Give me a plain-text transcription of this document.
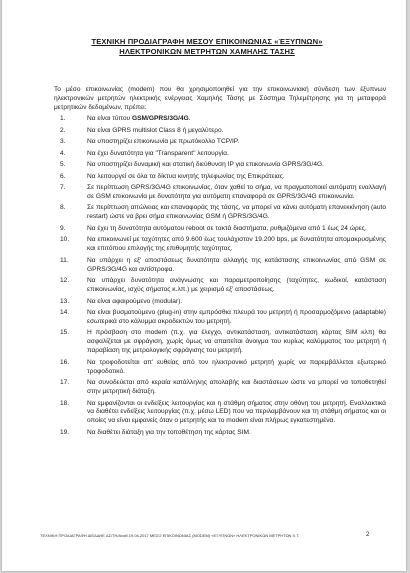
ΤΕΧΝΙΚΗ ΠΡΟΔΙΑΓΡΑΦΗ ΜΕΣΟΥ ΕΠΙΚΟΙΝΩΝΙΑΣ «ΈΞΥΠΝΩΝ»
ΗΛΕΚΤΡΟΝΙΚΩΝ ΜΕΤΡΗΤΩΝ ΧΑΜΗΛΗΣ ΤΑΣΗΣ
Το μέσο επικοινωνίας (modem) που θα χρησιμοποιηθεί για την επικοινωνιακή σύνδεση των έξυπνων ηλεκτρονικών μετρητών ηλεκτρικής ενέργειας Χαμηλής Τάσης με Σύστημα Τηλεμέτρησης για τη μεταφορά μετρητικών δεδομένων, πρέπει:
1.	Να είναι τύπου GSM/GPRS/3G/4G.
2.	Να είναι GPRS multislot Class 8 ή μεγαλύτερο.
3.	Να υποστηρίζει επικοινωνία με πρωτόκολλο TCP/IP.
4.	Να έχει δυνατότητα για "Transparent" λειτουργία.
5.	Να υποστηρίζει δυναμική και στατική διεύθυνση IP για επικοινωνία GPRS/3G/4G.
6.	Να λειτουργεί σε όλα τα δίκτυα κινητής τηλεφωνίας της Επικράτειας.
7.	Σε περίπτωση GPRS/3G/4G επικοινωνίας, όταν χαθεί το σήμα, να πραγματοποιεί αυτόματη εναλλαγή σε GSM επικοινωνία με δυνατότητα για αυτόματη επαναφορά σε GPRS/3G/4G επικοινωνία.
8.	Σε περίπτωση απώλειας και επαναφοράς της τάσης, να μπορεί να κάνει αυτόματη επανεκκίνηση (auto restart) ώστε να βρει σήμα επικοινωνίας GSM ή GPRS/3G/4G.
9.	Να έχει τη δυνατότητα αυτόματου reboot σε τακτά διαστήματα, ρυθμιζόμενα από 1 έως 24 ώρες.
10.	Να επικοινωνεί με ταχύτητες από 9.600 έως τουλάχιστον 19.200 bps, με δυνατότητα απομακρυσμένης και επιτόπιου επιλογής της επιθυμητής ταχύτητας.
11.	Να υπάρχει η εξ' αποστάσεως δυνατότητα αλλαγής της κατάστασης επικοινωνίας από GSM σε GPRS/3G/4G και αντίστροφα.
12.	Να υπάρχει δυνατότητα ανάγνωσης και παραμετροποίησης (ταχύτητες, κωδικοί, κατάσταση επικοινωνίας, ισχύς σήματος κ.λπ.) με χειρισμό εξ' αποστάσεως.
13.	Να είναι αφαιρούμενο (modular).
14.	Να είναι βυσματούμενο (plug-in) στην εμπρόσθια πλευρά του μετρητή ή προσαρμοζόμενο (adaptable) εσωτερικά στο κάλυμμα ακροδεκτών του μετρητή.
15.	Η πρόσβαση στο modem (π.χ. για έλεγχο, αντικατάσταση, αντικατάσταση κάρτας SIM κλπ) θα ασφαλίζεται με σφράγιση, χωρίς όμως να απαιτείται άνοιγμα του κυρίως καλύμματος του μετρητή ή παραβίαση της μετρολογικής σφράγισης του μετρητή.
16.	Να τροφοδοτείται απ' ευθείας από τον ηλεκτρονικό μετρητή χωρίς να παρεμβάλλεται εξωτερικό τροφοδοτικό.
17.	Να συνοδεύεται από κεραία κατάλληλης απολαβής και διαστάσεων ώστε να μπορεί να τοποθετηθεί στην μετρητική διάταξη.
18.	Να εμφανίζονται οι ενδείξεις λειτουργίας και η στάθμη σήματος στην οθόνη του μετρητή. Εναλλακτικά να διαθέτει ενδείξεις λειτουργίας (π.χ. μέσω LED) που να περιλαμβάνουν και τη στάθμη σήματος και οι οποίες να είναι εμφανείς όταν ο μετρητής και το modem είναι πλήρως εγκατεστημένα.
19.	Να διαθέτει διάταξη για την τοποθέτηση της κάρτας SIM.
ΤΕΧΝΙΚΗ ΠΡΟΔΙΑΓΡΑΦΗ ΔΙΕΔΔΗΕ ΔΣ/ΤΗ/Αναθ.19.04.2017 ΜΕΣΟ ΕΠΙΚΟΙΝΩΝΙΑΣ (MODEM) «ΕΞΥΠΝΩΝ» ΗΛΕΚΤΡΟΝΙΚΩΝ ΜΕΤΡΗΤΩΝ Χ.Τ.	2
